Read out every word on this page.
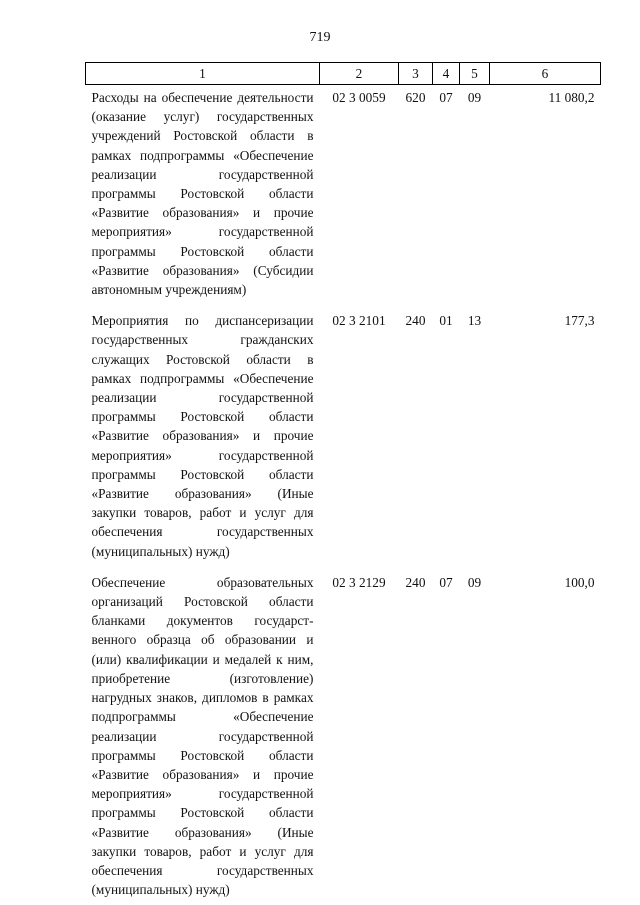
719
1	2	3	4	5	6
Расходы на обеспечение деятельности (оказание услуг) государственных учреждений Ростовской области в рамках подпрограммы «Обеспечение реализации государственной программы Ростовской области «Развитие образования» и прочие мероприятия» государственной программы Ростовской области «Развитие образования» (Субсидии автономным учреждениям)	02 3 0059	620	07	09	11 080,2
Мероприятия по диспансеризации государственных гражданских служащих Ростовской области в рамках подпрограммы «Обеспечение реализации государственной программы Ростовской области «Развитие образования» и прочие мероприятия» государственной программы Ростовской области «Развитие образования» (Иные закупки товаров, работ и услуг для обеспечения государственных (муниципальных) нужд)	02 3 2101	240	01	13	177,3
Обеспечение образовательных организаций Ростовской области бланками документов государственного образца об образовании и (или) квалификации и медалей к ним, приобретение (изготовление) нагрудных знаков, дипломов в рамках подпрограммы «Обеспечение реализации государственной программы Ростовской области «Развитие образования» и прочие мероприятия» государственной программы Ростовской области «Развитие образования» (Иные закупки товаров, работ и услуг для обеспечения государственных (муниципальных) нужд)	02 3 2129	240	07	09	100,0
